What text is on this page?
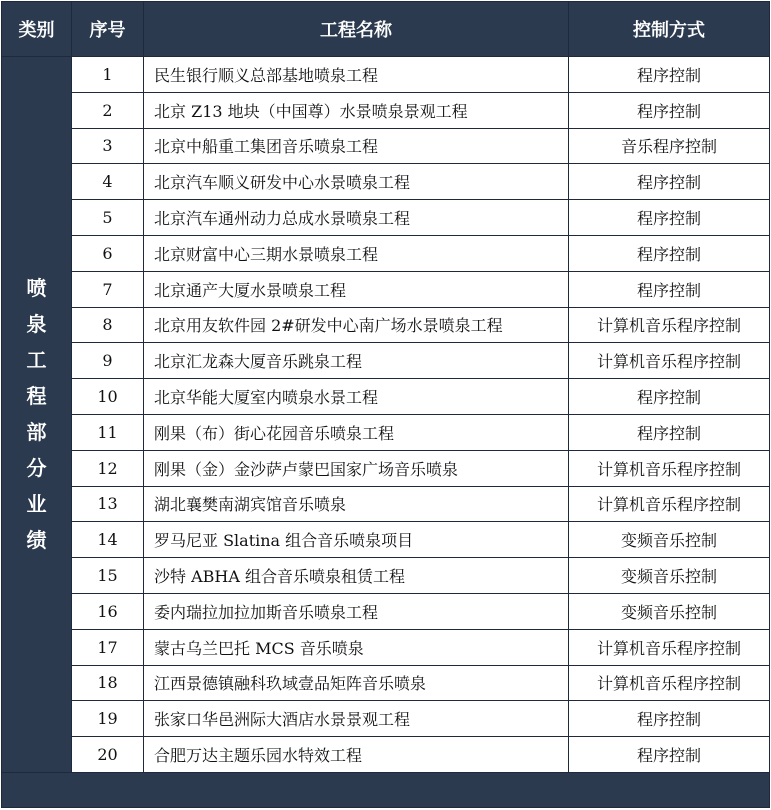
类别	序号	工程名称	控制方式
喷泉工程部分业绩	1	民生银行顺义总部基地喷泉工程	程序控制
	2	北京 Z13 地块（中国尊）水景喷泉景观工程	程序控制
	3	北京中船重工集团音乐喷泉工程	音乐程序控制
	4	北京汽车顺义研发中心水景喷泉工程	程序控制
	5	北京汽车通州动力总成水景喷泉工程	程序控制
	6	北京财富中心三期水景喷泉工程	程序控制
	7	北京通产大厦水景喷泉工程	程序控制
	8	北京用友软件园 2#研发中心南广场水景喷泉工程	计算机音乐程序控制
	9	北京汇龙森大厦音乐跳泉工程	计算机音乐程序控制
	10	北京华能大厦室内喷泉水景工程	程序控制
	11	刚果（布）街心花园音乐喷泉工程	程序控制
	12	刚果（金）金沙萨卢蒙巴国家广场音乐喷泉	计算机音乐程序控制
	13	湖北襄樊南湖宾馆音乐喷泉	计算机音乐程序控制
	14	罗马尼亚 Slatina 组合音乐喷泉项目	变频音乐控制
	15	沙特 ABHA 组合音乐喷泉租赁工程	变频音乐控制
	16	委内瑞拉加拉加斯音乐喷泉工程	变频音乐控制
	17	蒙古乌兰巴托 MCS 音乐喷泉	计算机音乐程序控制
	18	江西景德镇融科玖域壹品矩阵音乐喷泉	计算机音乐程序控制
	19	张家口华邑洲际大酒店水景景观工程	程序控制
	20	合肥万达主题乐园水特效工程	程序控制
